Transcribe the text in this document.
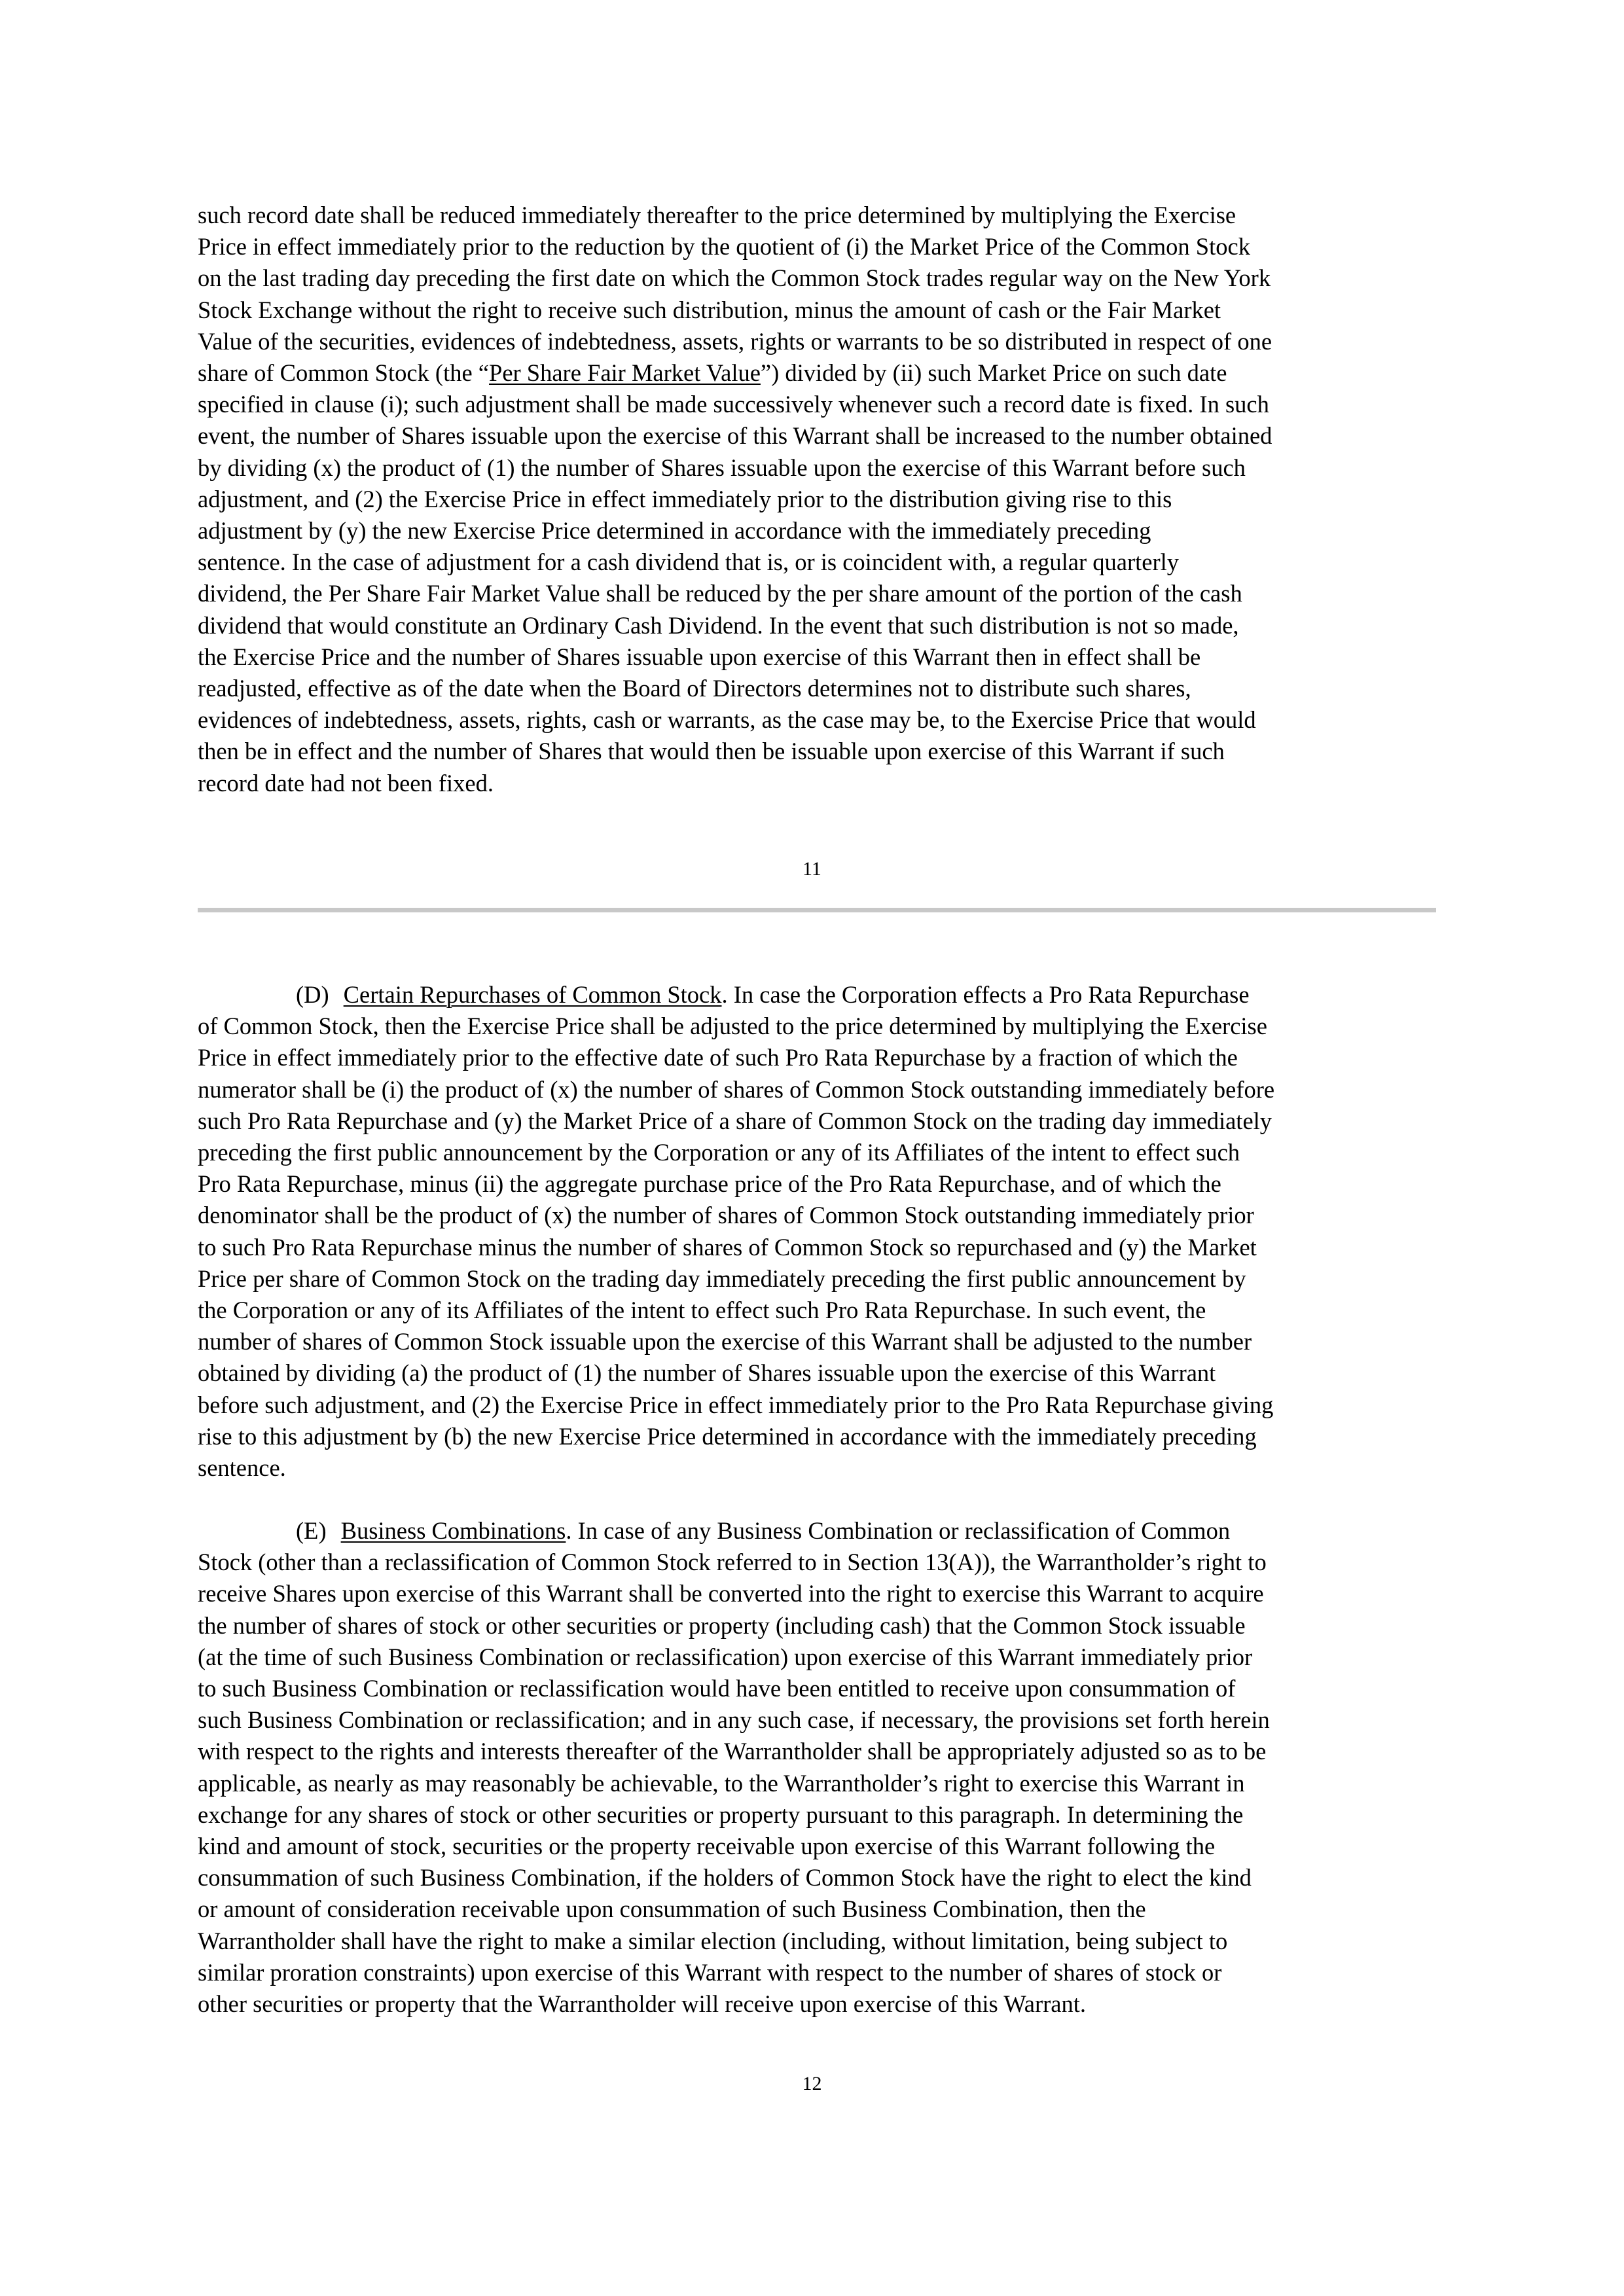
such record date shall be reduced immediately thereafter to the price determined by multiplying the Exercise
Price in effect immediately prior to the reduction by the quotient of (i) the Market Price of the Common Stock
on the last trading day preceding the first date on which the Common Stock trades regular way on the New York
Stock Exchange without the right to receive such distribution, minus the amount of cash or the Fair Market
Value of the securities, evidences of indebtedness, assets, rights or warrants to be so distributed in respect of one
share of Common Stock (the “Per Share Fair Market Value”) divided by (ii) such Market Price on such date
specified in clause (i); such adjustment shall be made successively whenever such a record date is fixed. In such
event, the number of Shares issuable upon the exercise of this Warrant shall be increased to the number obtained
by dividing (x) the product of (1) the number of Shares issuable upon the exercise of this Warrant before such
adjustment, and (2) the Exercise Price in effect immediately prior to the distribution giving rise to this
adjustment by (y) the new Exercise Price determined in accordance with the immediately preceding
sentence. In the case of adjustment for a cash dividend that is, or is coincident with, a regular quarterly
dividend, the Per Share Fair Market Value shall be reduced by the per share amount of the portion of the cash
dividend that would constitute an Ordinary Cash Dividend. In the event that such distribution is not so made,
the Exercise Price and the number of Shares issuable upon exercise of this Warrant then in effect shall be
readjusted, effective as of the date when the Board of Directors determines not to distribute such shares,
evidences of indebtedness, assets, rights, cash or warrants, as the case may be, to the Exercise Price that would
then be in effect and the number of Shares that would then be issuable upon exercise of this Warrant if such
record date had not been fixed.
11
(D) Certain Repurchases of Common Stock. In case the Corporation effects a Pro Rata Repurchase
of Common Stock, then the Exercise Price shall be adjusted to the price determined by multiplying the Exercise
Price in effect immediately prior to the effective date of such Pro Rata Repurchase by a fraction of which the
numerator shall be (i) the product of (x) the number of shares of Common Stock outstanding immediately before
such Pro Rata Repurchase and (y) the Market Price of a share of Common Stock on the trading day immediately
preceding the first public announcement by the Corporation or any of its Affiliates of the intent to effect such
Pro Rata Repurchase, minus (ii) the aggregate purchase price of the Pro Rata Repurchase, and of which the
denominator shall be the product of (x) the number of shares of Common Stock outstanding immediately prior
to such Pro Rata Repurchase minus the number of shares of Common Stock so repurchased and (y) the Market
Price per share of Common Stock on the trading day immediately preceding the first public announcement by
the Corporation or any of its Affiliates of the intent to effect such Pro Rata Repurchase. In such event, the
number of shares of Common Stock issuable upon the exercise of this Warrant shall be adjusted to the number
obtained by dividing (a) the product of (1) the number of Shares issuable upon the exercise of this Warrant
before such adjustment, and (2) the Exercise Price in effect immediately prior to the Pro Rata Repurchase giving
rise to this adjustment by (b) the new Exercise Price determined in accordance with the immediately preceding
sentence.
(E) Business Combinations. In case of any Business Combination or reclassification of Common
Stock (other than a reclassification of Common Stock referred to in Section 13(A)), the Warrantholder’s right to
receive Shares upon exercise of this Warrant shall be converted into the right to exercise this Warrant to acquire
the number of shares of stock or other securities or property (including cash) that the Common Stock issuable
(at the time of such Business Combination or reclassification) upon exercise of this Warrant immediately prior
to such Business Combination or reclassification would have been entitled to receive upon consummation of
such Business Combination or reclassification; and in any such case, if necessary, the provisions set forth herein
with respect to the rights and interests thereafter of the Warrantholder shall be appropriately adjusted so as to be
applicable, as nearly as may reasonably be achievable, to the Warrantholder’s right to exercise this Warrant in
exchange for any shares of stock or other securities or property pursuant to this paragraph. In determining the
kind and amount of stock, securities or the property receivable upon exercise of this Warrant following the
consummation of such Business Combination, if the holders of Common Stock have the right to elect the kind
or amount of consideration receivable upon consummation of such Business Combination, then the
Warrantholder shall have the right to make a similar election (including, without limitation, being subject to
similar proration constraints) upon exercise of this Warrant with respect to the number of shares of stock or
other securities or property that the Warrantholder will receive upon exercise of this Warrant.
12
